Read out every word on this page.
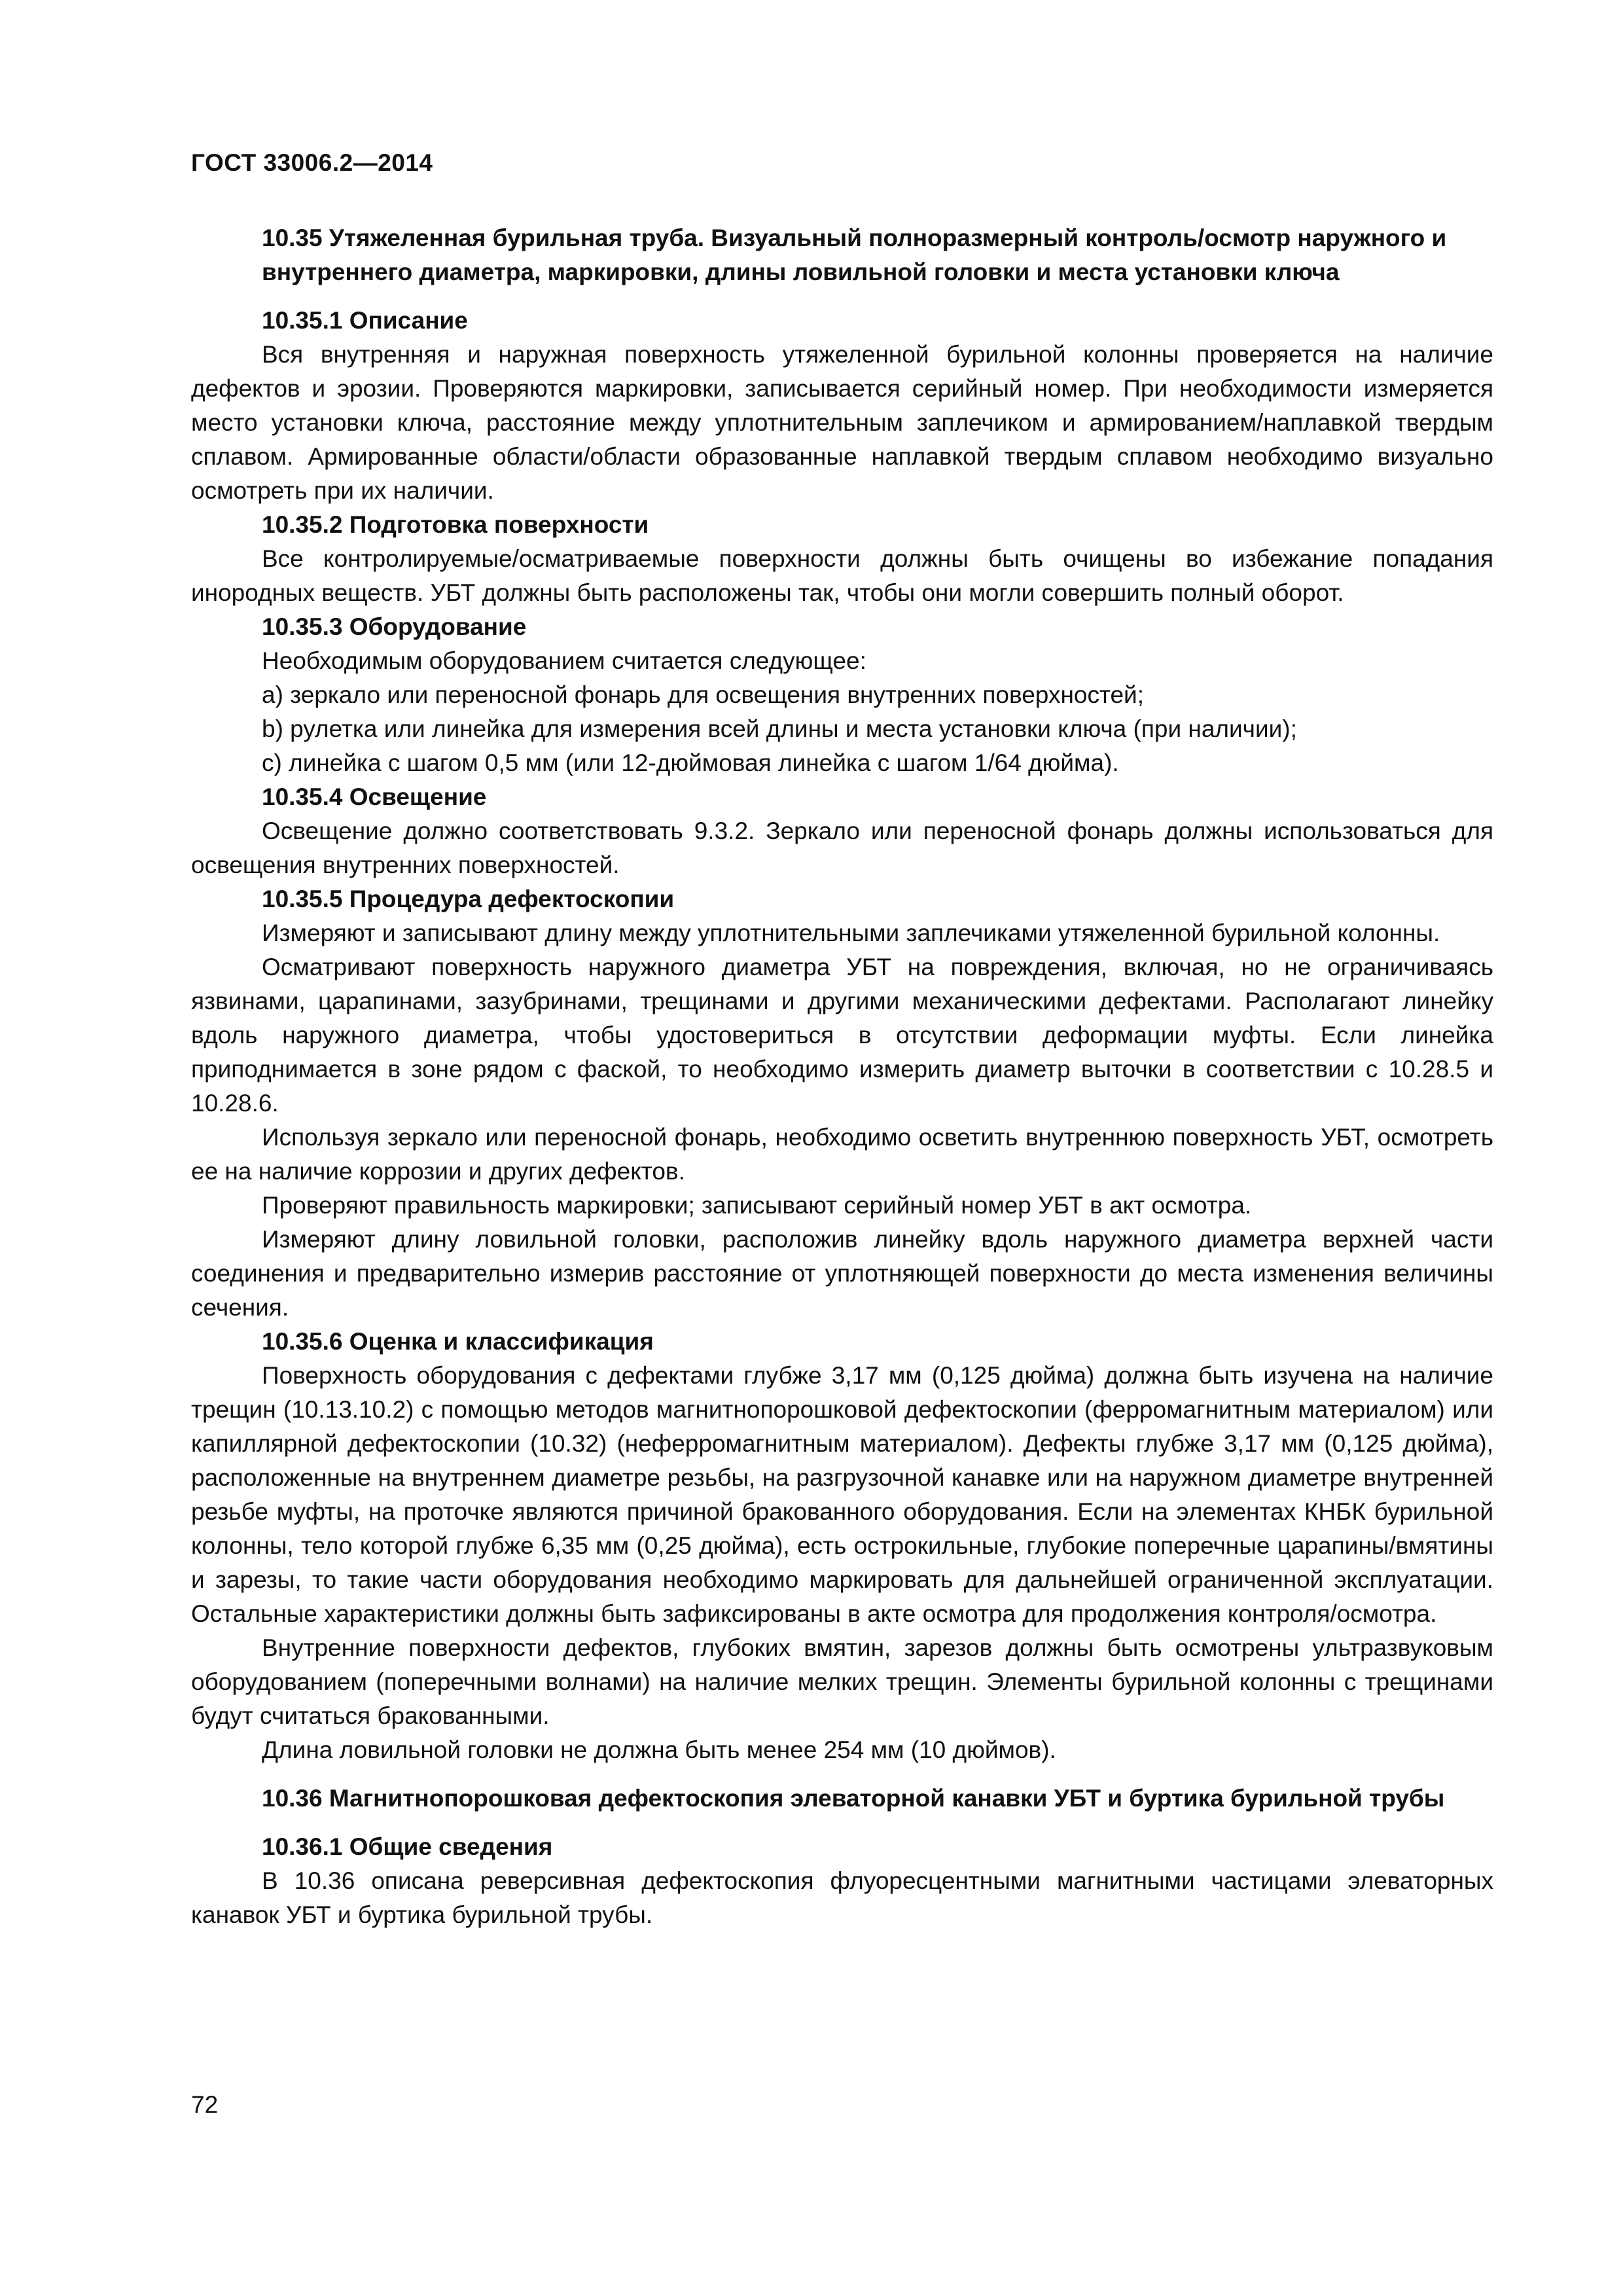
ГОСТ 33006.2—2014

10.35 Утяжеленная бурильная труба. Визуальный полноразмерный контроль/осмотр наружного и внутреннего диаметра, маркировки, длины ловильной головки и места установки ключа

10.35.1 Описание

Вся внутренняя и наружная поверхность утяжеленной бурильной колонны проверяется на наличие дефектов и эрозии. Проверяются маркировки, записывается серийный номер. При необходимости измеряется место установки ключа, расстояние между уплотнительным заплечиком и армированием/наплавкой твердым сплавом. Армированные области/области образованные наплавкой твердым сплавом необходимо визуально осмотреть при их наличии.

10.35.2 Подготовка поверхности

Все контролируемые/осматриваемые поверхности должны быть очищены во избежание попадания инородных веществ. УБТ должны быть расположены так, чтобы они могли совершить полный оборот.

10.35.3 Оборудование

Необходимым оборудованием считается следующее:

a) зеркало или переносной фонарь для освещения внутренних поверхностей;

b) рулетка или линейка для измерения всей длины и места установки ключа (при наличии);

c) линейка с шагом 0,5 мм (или 12-дюймовая линейка с шагом 1/64 дюйма).

10.35.4 Освещение

Освещение должно соответствовать 9.3.2. Зеркало или переносной фонарь должны использоваться для освещения внутренних поверхностей.

10.35.5 Процедура дефектоскопии

Измеряют и записывают длину между уплотнительными заплечиками утяжеленной бурильной колонны.

Осматривают поверхность наружного диаметра УБТ на повреждения, включая, но не ограничиваясь язвинами, царапинами, зазубринами, трещинами и другими механическими дефектами. Располагают линейку вдоль наружного диаметра, чтобы удостовериться в отсутствии деформации муфты. Если линейка приподнимается в зоне рядом с фаской, то необходимо измерить диаметр выточки в соответствии с 10.28.5 и 10.28.6.

Используя зеркало или переносной фонарь, необходимо осветить внутреннюю поверхность УБТ, осмотреть ее на наличие коррозии и других дефектов.

Проверяют правильность маркировки; записывают серийный номер УБТ в акт осмотра.

Измеряют длину ловильной головки, расположив линейку вдоль наружного диаметра верхней части соединения и предварительно измерив расстояние от уплотняющей поверхности до места изменения величины сечения.

10.35.6 Оценка и классификация

Поверхность оборудования с дефектами глубже 3,17 мм (0,125 дюйма) должна быть изучена на наличие трещин (10.13.10.2) с помощью методов магнитнопорошковой дефектоскопии (ферромагнитным материалом) или капиллярной дефектоскопии (10.32) (неферромагнитным материалом). Дефекты глубже 3,17 мм (0,125 дюйма), расположенные на внутреннем диаметре резьбы, на разгрузочной канавке или на наружном диаметре внутренней резьбе муфты, на проточке являются причиной бракованного оборудования. Если на элементах КНБК бурильной колонны, тело которой глубже 6,35 мм (0,25 дюйма), есть острокильные, глубокие поперечные царапины/вмятины и зарезы, то такие части оборудования необходимо маркировать для дальнейшей ограниченной эксплуатации. Остальные характеристики должны быть зафиксированы в акте осмотра для продолжения контроля/осмотра.

Внутренние поверхности дефектов, глубоких вмятин, зарезов должны быть осмотрены ультразвуковым оборудованием (поперечными волнами) на наличие мелких трещин. Элементы бурильной колонны с трещинами будут считаться бракованными.

Длина ловильной головки не должна быть менее 254 мм (10 дюймов).

10.36 Магнитнопорошковая дефектоскопия элеваторной канавки УБТ и буртика бурильной трубы

10.36.1 Общие сведения

В 10.36 описана реверсивная дефектоскопия флуоресцентными магнитными частицами элеваторных канавок УБТ и буртика бурильной трубы.

72
